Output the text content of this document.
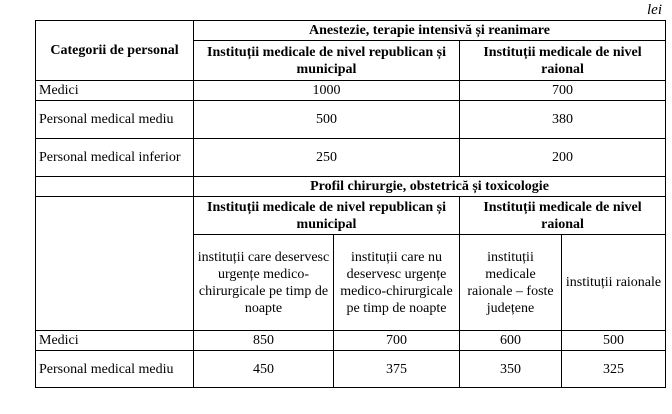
lei
Categorii de personal	Anestezie, terapie intensivă și reanimare			
	Instituții medicale de nivel republican și municipal		Instituții medicale de nivel raional	

Medici	1000		700	
Personal medical mediu	500		380	
Personal medical inferior	250		200	
	Profil chirurgie, obstetrică și toxicologie			
	Instituții medicale de nivel republican și municipal		Instituții medicale de nivel raional	
	instituții care deservesc urgențe medico-chirurgicale pe timp de noapte	instituții care nu deservesc urgențe medico-chirurgicale pe timp de noapte	instituții medicale raionale – foste județene	instituții raionale
Medici	850	700	600	500
Personal medical mediu	450	375	350	325
